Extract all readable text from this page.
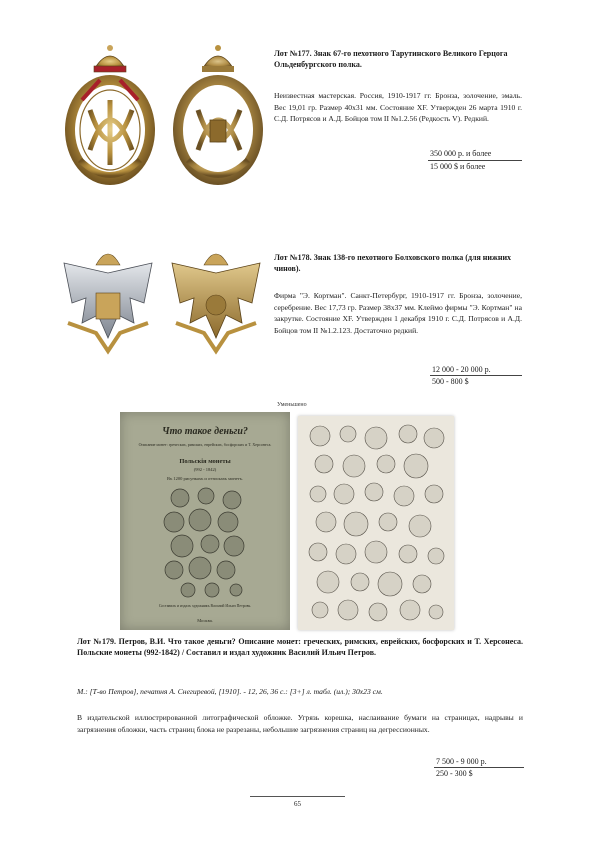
Лот №177. Знак 67-го пехотного Тарутинского Великого Герцога Ольденбургского полка.
Неизвестная мастерская. Россия, 1910-1917 гг. Бронза, золочение, эмаль. Вес 19,01 гр. Размер 40х31 мм. Состояние XF. Утвержден 26 марта 1910 г. С.Д. Потрясов и А.Д. Бойцов том II №1.2.56 (Редкость V). Редкий.
350 000 р. и более
15 000 $ и более
Лот №178. Знак 138-го пехотного Болховского полка (для нижних чинов).
Фирма "Э. Кортман". Санкт-Петербург, 1910-1917 гг. Бронза, золочение, серебрение. Вес 17,73 гр. Размер 38х37 мм. Клеймо фирмы "Э. Кортман" на закрутке. Состояние XF. Утвержден 1 декабря 1910 г. С.Д. Потрясов и А.Д. Бойцов том II №1.2.123. Достаточно редкий.
12 000 - 20 000 р.
500 - 800 $
Уменьшено
Что такое деньги?
Описание монет: греческих, римских, еврейских, босфорских и Т. Херсонеса.
Польскія монеты
(992 - 1842)
Въ 1200 рисункахъ и оттискахъ монетъ.
Составилъ и издалъ художникъ Василий Ильич Петровъ.
Москва.
Лот №179. Петров, В.И. Что такое деньги? Описание монет: греческих, римских, еврейских, босфорских и Т. Херсонеса. Польские монеты (992-1842) / Составил и издал художник Василий Ильич Петров.
М.: [Т-во Петров], печатня А. Снегиревой, [1910]. - 12, 26, 36 с.: [3+] л. табл. (ил.); 30х23 см.
В издательской иллюстрированной литографической обложке. Угрязь корешка, наслаивание бумаги на страницах, надрывы и загрязнения обложки, часть страниц блока не разрезаны, небольшие загрязнения страниц на дегрессионных.
7 500 - 9 000 р.
250 - 300 $
65
